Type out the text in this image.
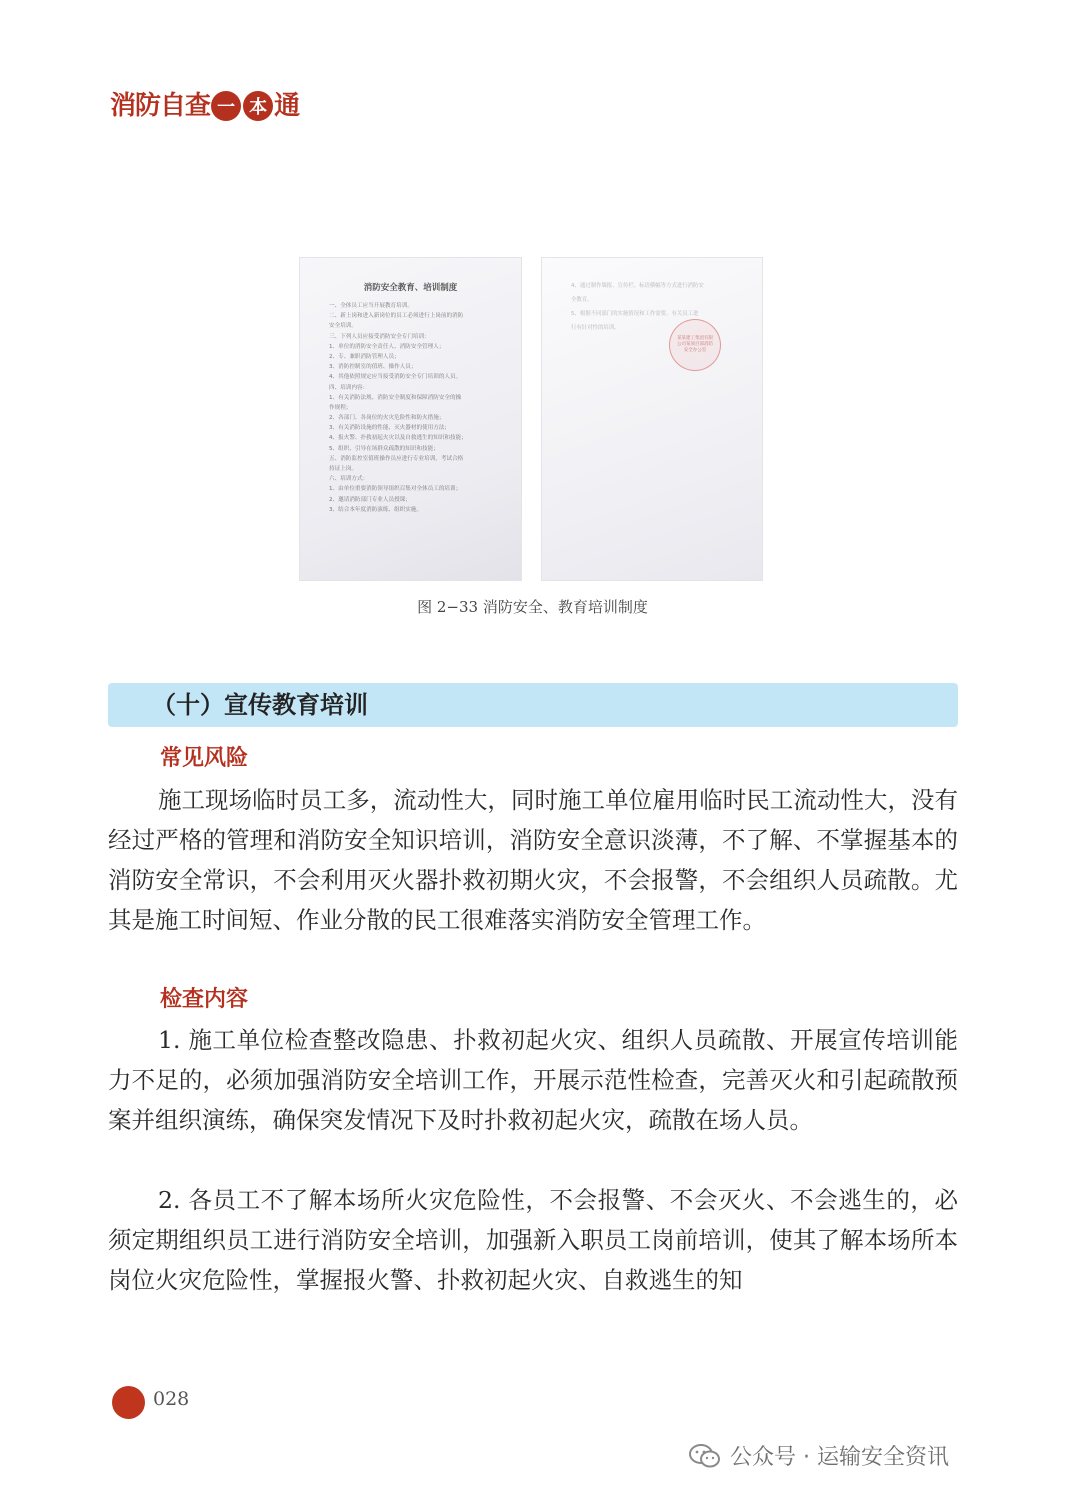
消 防 自 查 一 本 通
消防安全教育、培训制度
一、全体员工应当开展教育培训。
二、新上岗和进入新岗位的员工必须进行上岗前的消防
安全培训。
三、下列人员应接受消防安全专门培训：
1、单位的消防安全责任人、消防安全管理人；
2、专、兼职消防管理人员；
3、消防控制室的值班、操作人员；
4、其他依照规定应当接受消防安全专门培训的人员。
四、培训内容：
1、有关消防法规、消防安全制度和保障消防安全的操
作规程；
2、各部门、各岗位的火灾危险性和防火措施；
3、有关消防设施的性能、灭火器材的使用方法；
4、报火警、扑救初起火灾以及自救逃生的知识和技能；
5、组织、引导在场群众疏散的知识和技能；
五、消防监控室值班操作员应进行专业培训，考试合格
持证上岗。
六、培训方式：
1、由单位重要消防领导组织召集对全体员工的培训；
2、邀请消防部门专业人员授课；
3、结合本年度消防演练、组织实施。
4、通过制作墙报、宣传栏、标语横幅等方式进行消防安
全教育。
5、根据不同部门的实施情况和工作需要，有关员工进
行有针对性的培训。
某某建工集团有限公司某项目部消防安全办公室
图 2−33 消防安全、教育培训制度
（十）宣传教育培训
常见风险

施工现场临时员工多，流动性大，同时施工单位雇用临时民工流动性大，没有经过严格的管理和消防安全知识培训，消防安全意识淡薄，不了解、不掌握基本的消防安全常识，不会利用灭火器扑救初期火灾，不会报警，不会组织人员疏散。尤其是施工时间短、作业分散的民工很难落实消防安全管理工作。

检查内容

1. 施工单位检查整改隐患、扑救初起火灾、组织人员疏散、开展宣传培训能力不足的，必须加强消防安全培训工作，开展示范性检查，完善灭火和引起疏散预案并组织演练，确保突发情况下及时扑救初起火灾，疏散在场人员。

2. 各员工不了解本场所火灾危险性，不会报警、不会灭火、不会逃生的，必须定期组织员工进行消防安全培训，加强新入职员工岗前培训，使其了解本场所本岗位火灾危险性，掌握报火警、扑救初起火灾、自救逃生的知

028
公众号 · 运输安全资讯
